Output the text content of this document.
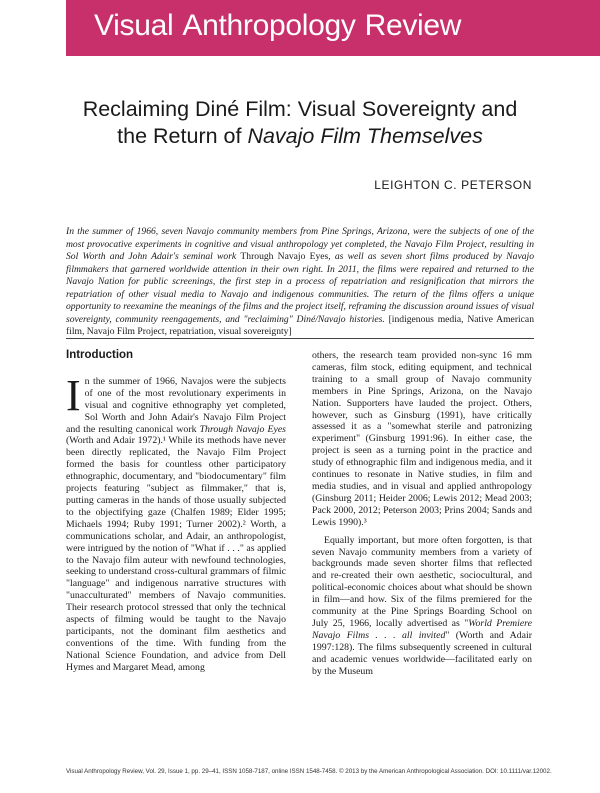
Visual Anthropology Review
Reclaiming Diné Film: Visual Sovereignty and the Return of Navajo Film Themselves
LEIGHTON C. PETERSON
In the summer of 1966, seven Navajo community members from Pine Springs, Arizona, were the subjects of one of the most provocative experiments in cognitive and visual anthropology yet completed, the Navajo Film Project, resulting in Sol Worth and John Adair's seminal work Through Navajo Eyes, as well as seven short films produced by Navajo filmmakers that garnered worldwide attention in their own right. In 2011, the films were repaired and returned to the Navajo Nation for public screenings, the first step in a process of repatriation and resignification that mirrors the repatriation of other visual media to Navajo and indigenous communities. The return of the films offers a unique opportunity to reexamine the meanings of the films and the project itself, reframing the discussion around issues of visual sovereignty, community reengagements, and "reclaiming" Diné/Navajo histories. [indigenous media, Native American film, Navajo Film Project, repatriation, visual sovereignty]
Introduction

In the summer of 1966, Navajos were the subjects of one of the most revolutionary experiments in visual and cognitive ethnography yet completed, Sol Worth and John Adair's Navajo Film Project and the resulting canonical work Through Navajo Eyes (Worth and Adair 1972).¹ While its methods have never been directly replicated, the Navajo Film Project formed the basis for countless other participatory ethnographic, documentary, and "biodocumentary" film projects featuring "subject as filmmaker," that is, putting cameras in the hands of those usually subjected to the objectifying gaze (Chalfen 1989; Elder 1995; Michaels 1994; Ruby 1991; Turner 2002).² Worth, a communications scholar, and Adair, an anthropologist, were intrigued by the notion of "What if . . ." as applied to the Navajo film auteur with newfound technologies, seeking to understand cross-cultural grammars of filmic "language" and indigenous narrative structures with "unacculturated" members of Navajo communities. Their research protocol stressed that only the technical aspects of filming would be taught to the Navajo participants, not the dominant film aesthetics and conventions of the time. With funding from the National Science Foundation, and advice from Dell Hymes and Margaret Mead, among

others, the research team provided non-sync 16 mm cameras, film stock, editing equipment, and technical training to a small group of Navajo community members in Pine Springs, Arizona, on the Navajo Nation. Supporters have lauded the project. Others, however, such as Ginsburg (1991), have critically assessed it as a "somewhat sterile and patronizing experiment" (Ginsburg 1991:96). In either case, the project is seen as a turning point in the practice and study of ethnographic film and indigenous media, and it continues to resonate in Native studies, in film and media studies, and in visual and applied anthropology (Ginsburg 2011; Heider 2006; Lewis 2012; Mead 2003; Pack 2000, 2012; Peterson 2003; Prins 2004; Sands and Lewis 1990).³

Equally important, but more often forgotten, is that seven Navajo community members from a variety of backgrounds made seven shorter films that reflected and re-created their own aesthetic, sociocultural, and political-economic choices about what should be shown in film—and how. Six of the films premiered for the community at the Pine Springs Boarding School on July 25, 1966, locally advertised as "World Premiere Navajo Films . . . all invited" (Worth and Adair 1997:128). The films subsequently screened in cultural and academic venues worldwide—facilitated early on by the Museum

Visual Anthropology Review, Vol. 29, Issue 1, pp. 29–41, ISSN 1058-7187, online ISSN 1548-7458. © 2013 by the American Anthropological Association. DOI: 10.1111/var.12002.
